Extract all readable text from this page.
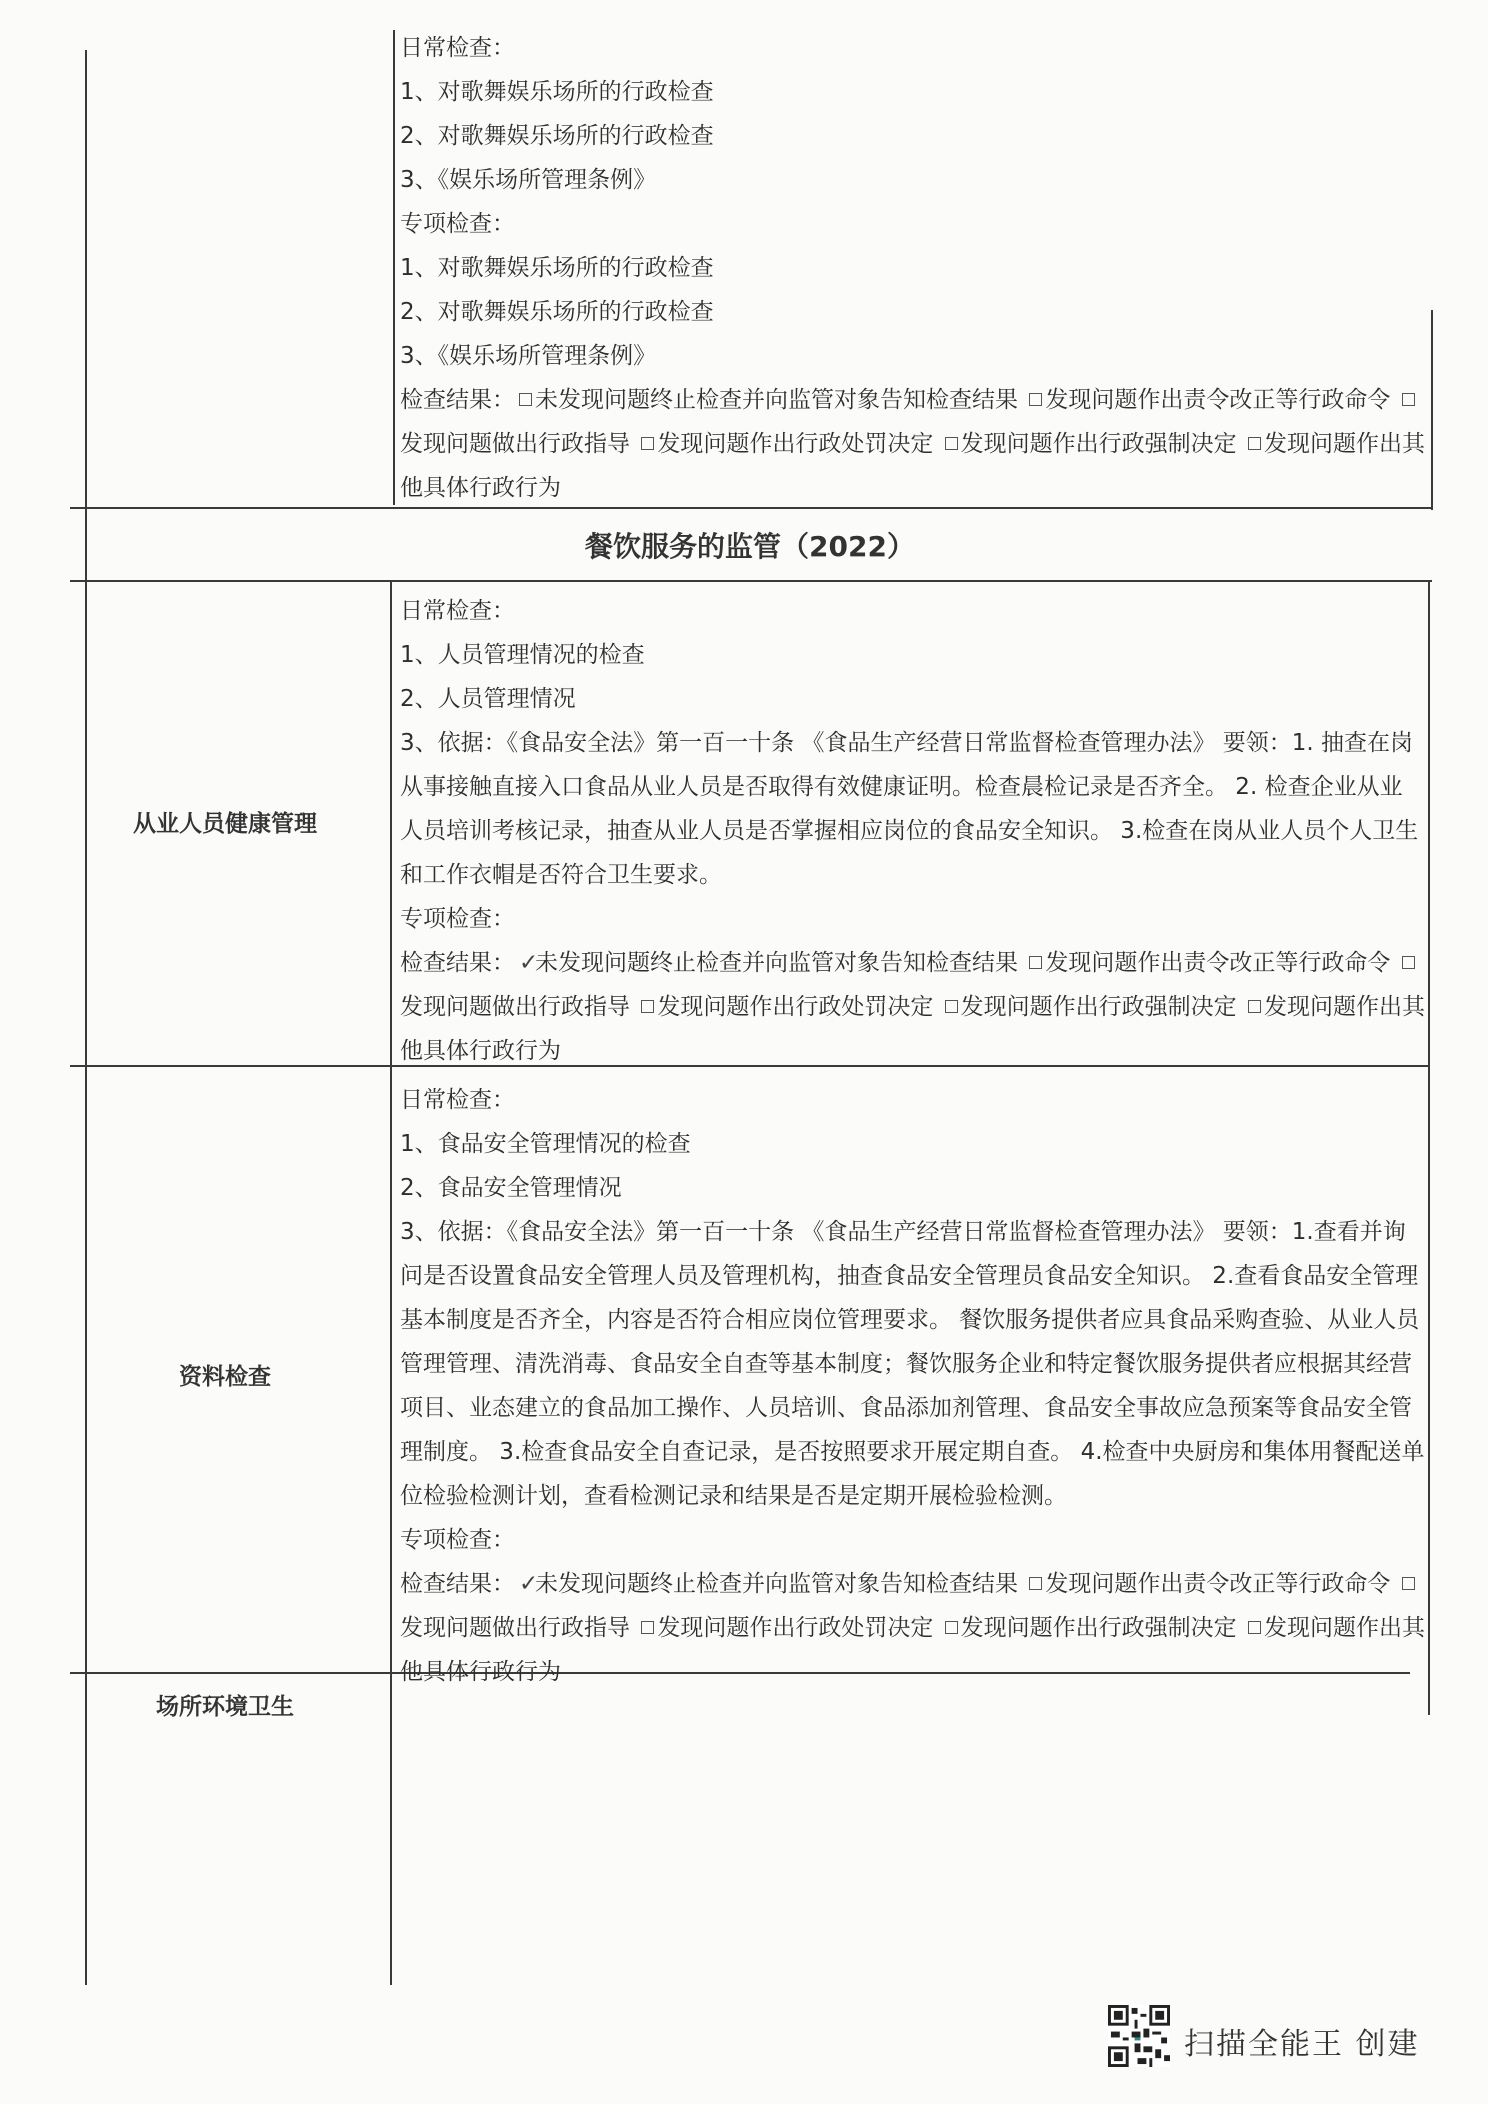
日常检查：
1、对歌舞娱乐场所的行政检查
2、对歌舞娱乐场所的行政检查
3、《娱乐场所管理条例》
专项检查：
1、对歌舞娱乐场所的行政检查
2、对歌舞娱乐场所的行政检查
3、《娱乐场所管理条例》
检查结果： 未发现问题终止检查并向监管对象告知检查结果 发现问题作出责令改正等行政命令 发现问题做出行政指导 发现问题作出行政处罚决定 发现问题作出行政强制决定 发现问题作出其他具体行政行为
餐饮服务的监管（2022）
从业人员健康管理
日常检查：
1、人员管理情况的检查
2、人员管理情况
3、依据：《食品安全法》第一百一十条 《食品生产经营日常监督检查管理办法》 要领：1. 抽查在岗从事接触直接入口食品从业人员是否取得有效健康证明。检查晨检记录是否齐全。 2. 检查企业从业人员培训考核记录，抽查从业人员是否掌握相应岗位的食品安全知识。 3.检查在岗从业人员个人卫生和工作衣帽是否符合卫生要求。
专项检查：
检查结果： ✓未发现问题终止检查并向监管对象告知检查结果 发现问题作出责令改正等行政命令 发现问题做出行政指导 发现问题作出行政处罚决定 发现问题作出行政强制决定 发现问题作出其他具体行政行为
资料检查
日常检查：
1、食品安全管理情况的检查
2、食品安全管理情况
3、依据：《食品安全法》第一百一十条 《食品生产经营日常监督检查管理办法》 要领：1.查看并询问是否设置食品安全管理人员及管理机构，抽查食品安全管理员食品安全知识。 2.查看食品安全管理基本制度是否齐全，内容是否符合相应岗位管理要求。 餐饮服务提供者应具食品采购查验、从业人员管理管理、清洗消毒、食品安全自查等基本制度；餐饮服务企业和特定餐饮服务提供者应根据其经营项目、业态建立的食品加工操作、人员培训、食品添加剂管理、食品安全事故应急预案等食品安全管理制度。 3.检查食品安全自查记录，是否按照要求开展定期自查。 4.检查中央厨房和集体用餐配送单位检验检测计划，查看检测记录和结果是否是定期开展检验检测。
专项检查：
检查结果： ✓未发现问题终止检查并向监管对象告知检查结果 发现问题作出责令改正等行政命令 发现问题做出行政指导 发现问题作出行政处罚决定 发现问题作出行政强制决定 发现问题作出其他具体行政行为
场所环境卫生
扫描全能王 创建
